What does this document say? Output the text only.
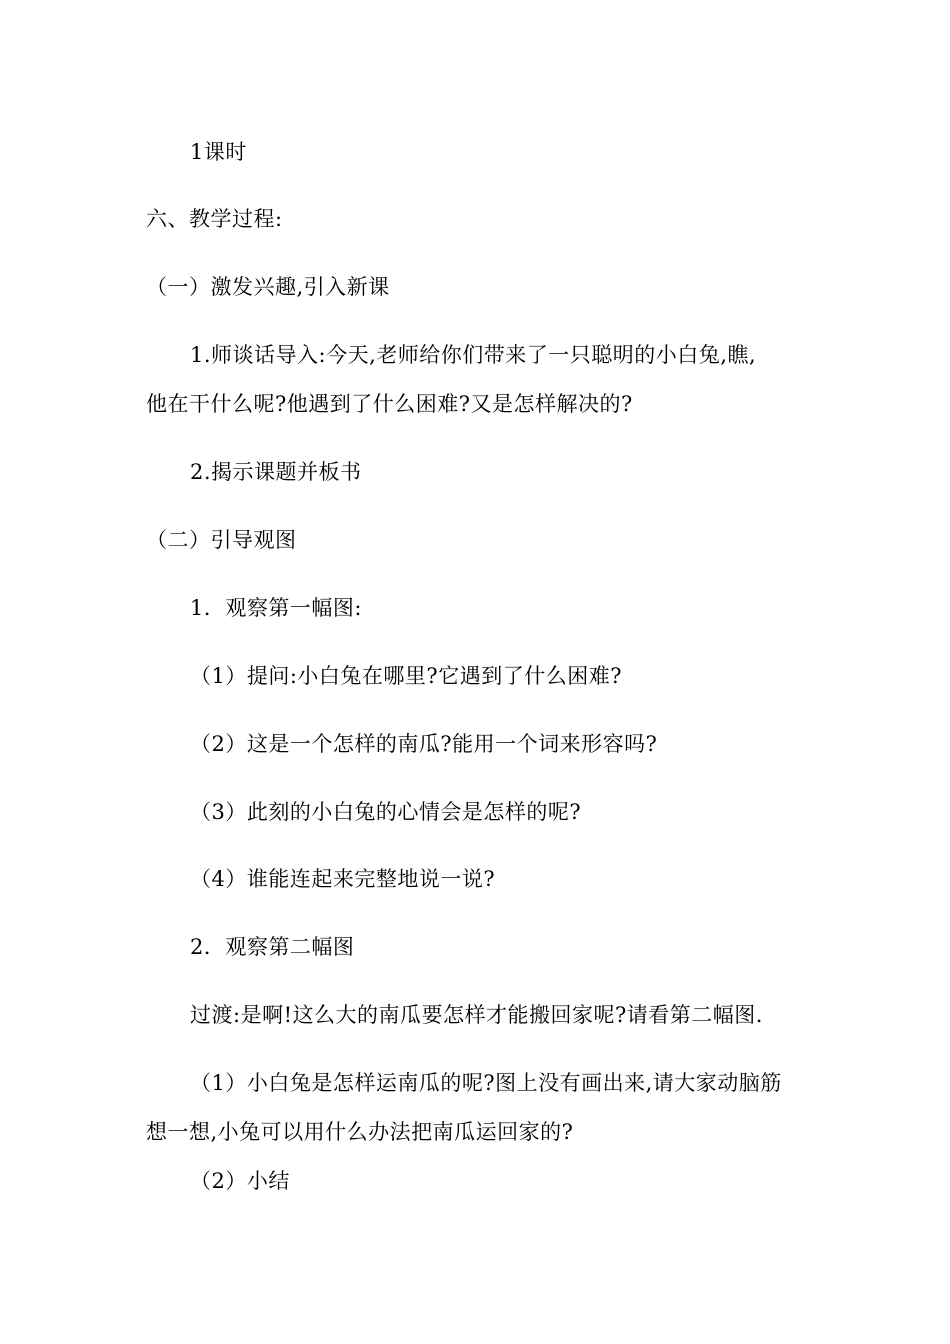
1课时
六、教学过程:
（一）激发兴趣,引入新课
1.师谈话导入:今天,老师给你们带来了一只聪明的小白兔,瞧,
他在干什么呢?他遇到了什么困难?又是怎样解决的?
2.揭示课题并板书
（二）引导观图
1．观察第一幅图:
（1）提问:小白兔在哪里?它遇到了什么困难?
（2）这是一个怎样的南瓜?能用一个词来形容吗?
（3）此刻的小白兔的心情会是怎样的呢?
（4）谁能连起来完整地说一说?
2．观察第二幅图
过渡:是啊!这么大的南瓜要怎样才能搬回家呢?请看第二幅图.
（1）小白兔是怎样运南瓜的呢?图上没有画出来,请大家动脑筋
想一想,小兔可以用什么办法把南瓜运回家的?
（2）小结
